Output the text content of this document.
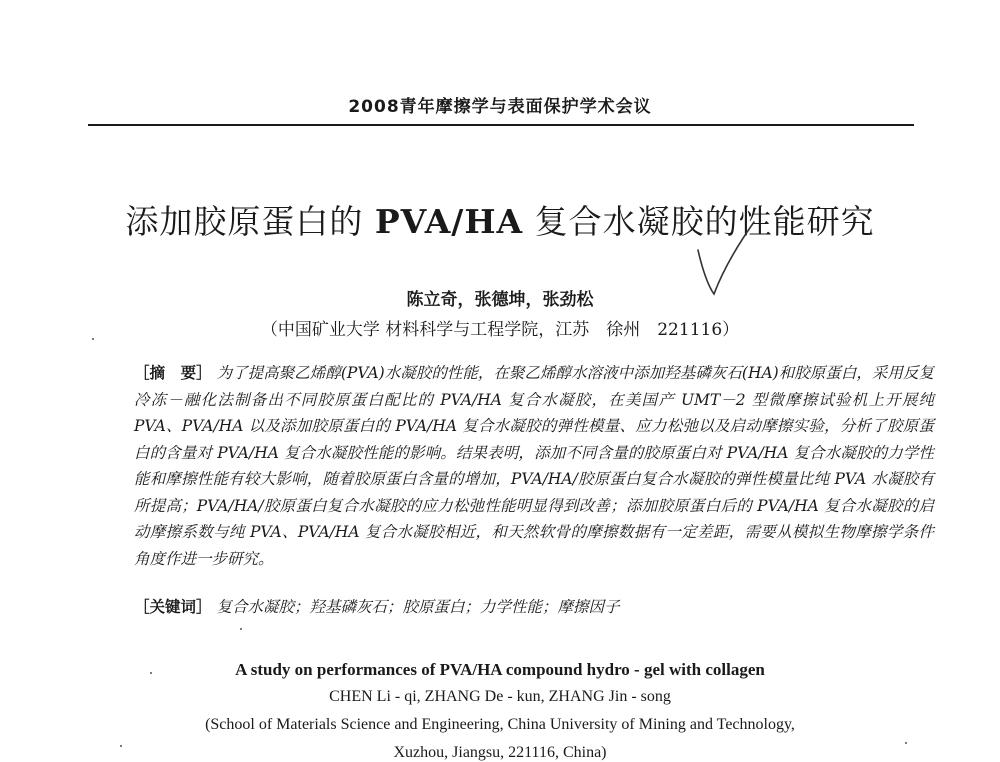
2008青年摩擦学与表面保护学术会议
添加胶原蛋白的 PVA/HA 复合水凝胶的性能研究
陈立奇，张德坤，张劲松
（中国矿业大学 材料科学与工程学院，江苏　徐州　221116）
［摘　要］ 为了提高聚乙烯醇(PVA)水凝胶的性能，在聚乙烯醇水溶液中添加羟基磷灰石(HA)和胶原蛋白，采用反复冷冻－融化法制备出不同胶原蛋白配比的 PVA/HA 复合水凝胶，在美国产 UMT－2 型微摩擦试验机上开展纯 PVA、PVA/HA 以及添加胶原蛋白的 PVA/HA 复合水凝胶的弹性模量、应力松弛以及启动摩擦实验，分析了胶原蛋白的含量对 PVA/HA 复合水凝胶性能的影响。结果表明，添加不同含量的胶原蛋白对 PVA/HA 复合水凝胶的力学性能和摩擦性能有较大影响，随着胶原蛋白含量的增加，PVA/HA/胶原蛋白复合水凝胶的弹性模量比纯 PVA 水凝胶有所提高；PVA/HA/胶原蛋白复合水凝胶的应力松弛性能明显得到改善；添加胶原蛋白后的 PVA/HA 复合水凝胶的启动摩擦系数与纯 PVA、PVA/HA 复合水凝胶相近，和天然软骨的摩擦数据有一定差距，需要从模拟生物摩擦学条件角度作进一步研究。
［关键词］ 复合水凝胶；羟基磷灰石；胶原蛋白；力学性能；摩擦因子
A study on performances of PVA/HA compound hydro - gel with collagen
CHEN Li - qi, ZHANG De - kun, ZHANG Jin - song
(School of Materials Science and Engineering, China University of Mining and Technology,
Xuzhou, Jiangsu, 221116, China)
